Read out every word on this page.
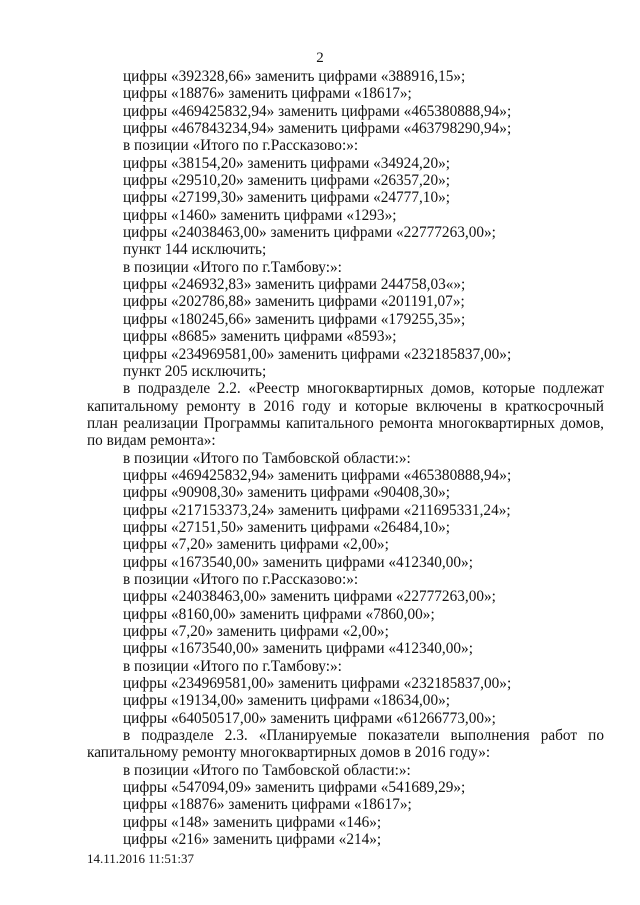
2
цифры «392328,66» заменить цифрами «388916,15»;
цифры «18876» заменить цифрами «18617»;
цифры «469425832,94» заменить цифрами «465380888,94»;
цифры «467843234,94» заменить цифрами «463798290,94»;
в позиции «Итого по г.Рассказово:»:
цифры «38154,20» заменить цифрами «34924,20»;
цифры «29510,20» заменить цифрами «26357,20»;
цифры «27199,30» заменить цифрами «24777,10»;
цифры «1460» заменить цифрами «1293»;
цифры «24038463,00» заменить цифрами «22777263,00»;
пункт 144 исключить;
в позиции «Итого по г.Тамбову:»:
цифры «246932,83» заменить цифрами 244758,03«»;
цифры «202786,88» заменить цифрами «201191,07»;
цифры «180245,66» заменить цифрами «179255,35»;
цифры «8685» заменить цифрами «8593»;
цифры «234969581,00» заменить цифрами «232185837,00»;
пункт 205 исключить;
в подразделе 2.2. «Реестр многоквартирных домов, которые подлежат
капитальному ремонту в 2016 году и которые включены в краткосрочный
план реализации Программы капитального ремонта многоквартирных домов,
по видам ремонта»:
в позиции «Итого по Тамбовской области:»:
цифры «469425832,94» заменить цифрами «465380888,94»;
цифры «90908,30» заменить цифрами «90408,30»;
цифры «217153373,24» заменить цифрами «211695331,24»;
цифры «27151,50» заменить цифрами «26484,10»;
цифры «7,20» заменить цифрами «2,00»;
цифры «1673540,00» заменить цифрами «412340,00»;
в позиции «Итого по г.Рассказово:»:
цифры «24038463,00» заменить цифрами «22777263,00»;
цифры «8160,00» заменить цифрами «7860,00»;
цифры «7,20» заменить цифрами «2,00»;
цифры «1673540,00» заменить цифрами «412340,00»;
в позиции «Итого по г.Тамбову:»:
цифры «234969581,00» заменить цифрами «232185837,00»;
цифры «19134,00» заменить цифрами «18634,00»;
цифры «64050517,00» заменить цифрами «61266773,00»;
в подразделе 2.3. «Планируемые показатели выполнения работ по
капитальному ремонту многоквартирных домов в 2016 году»:
в позиции «Итого по Тамбовской области:»:
цифры «547094,09» заменить цифрами «541689,29»;
цифры «18876» заменить цифрами «18617»;
цифры «148» заменить цифрами «146»;
цифры «216» заменить цифрами «214»;
14.11.2016 11:51:37
